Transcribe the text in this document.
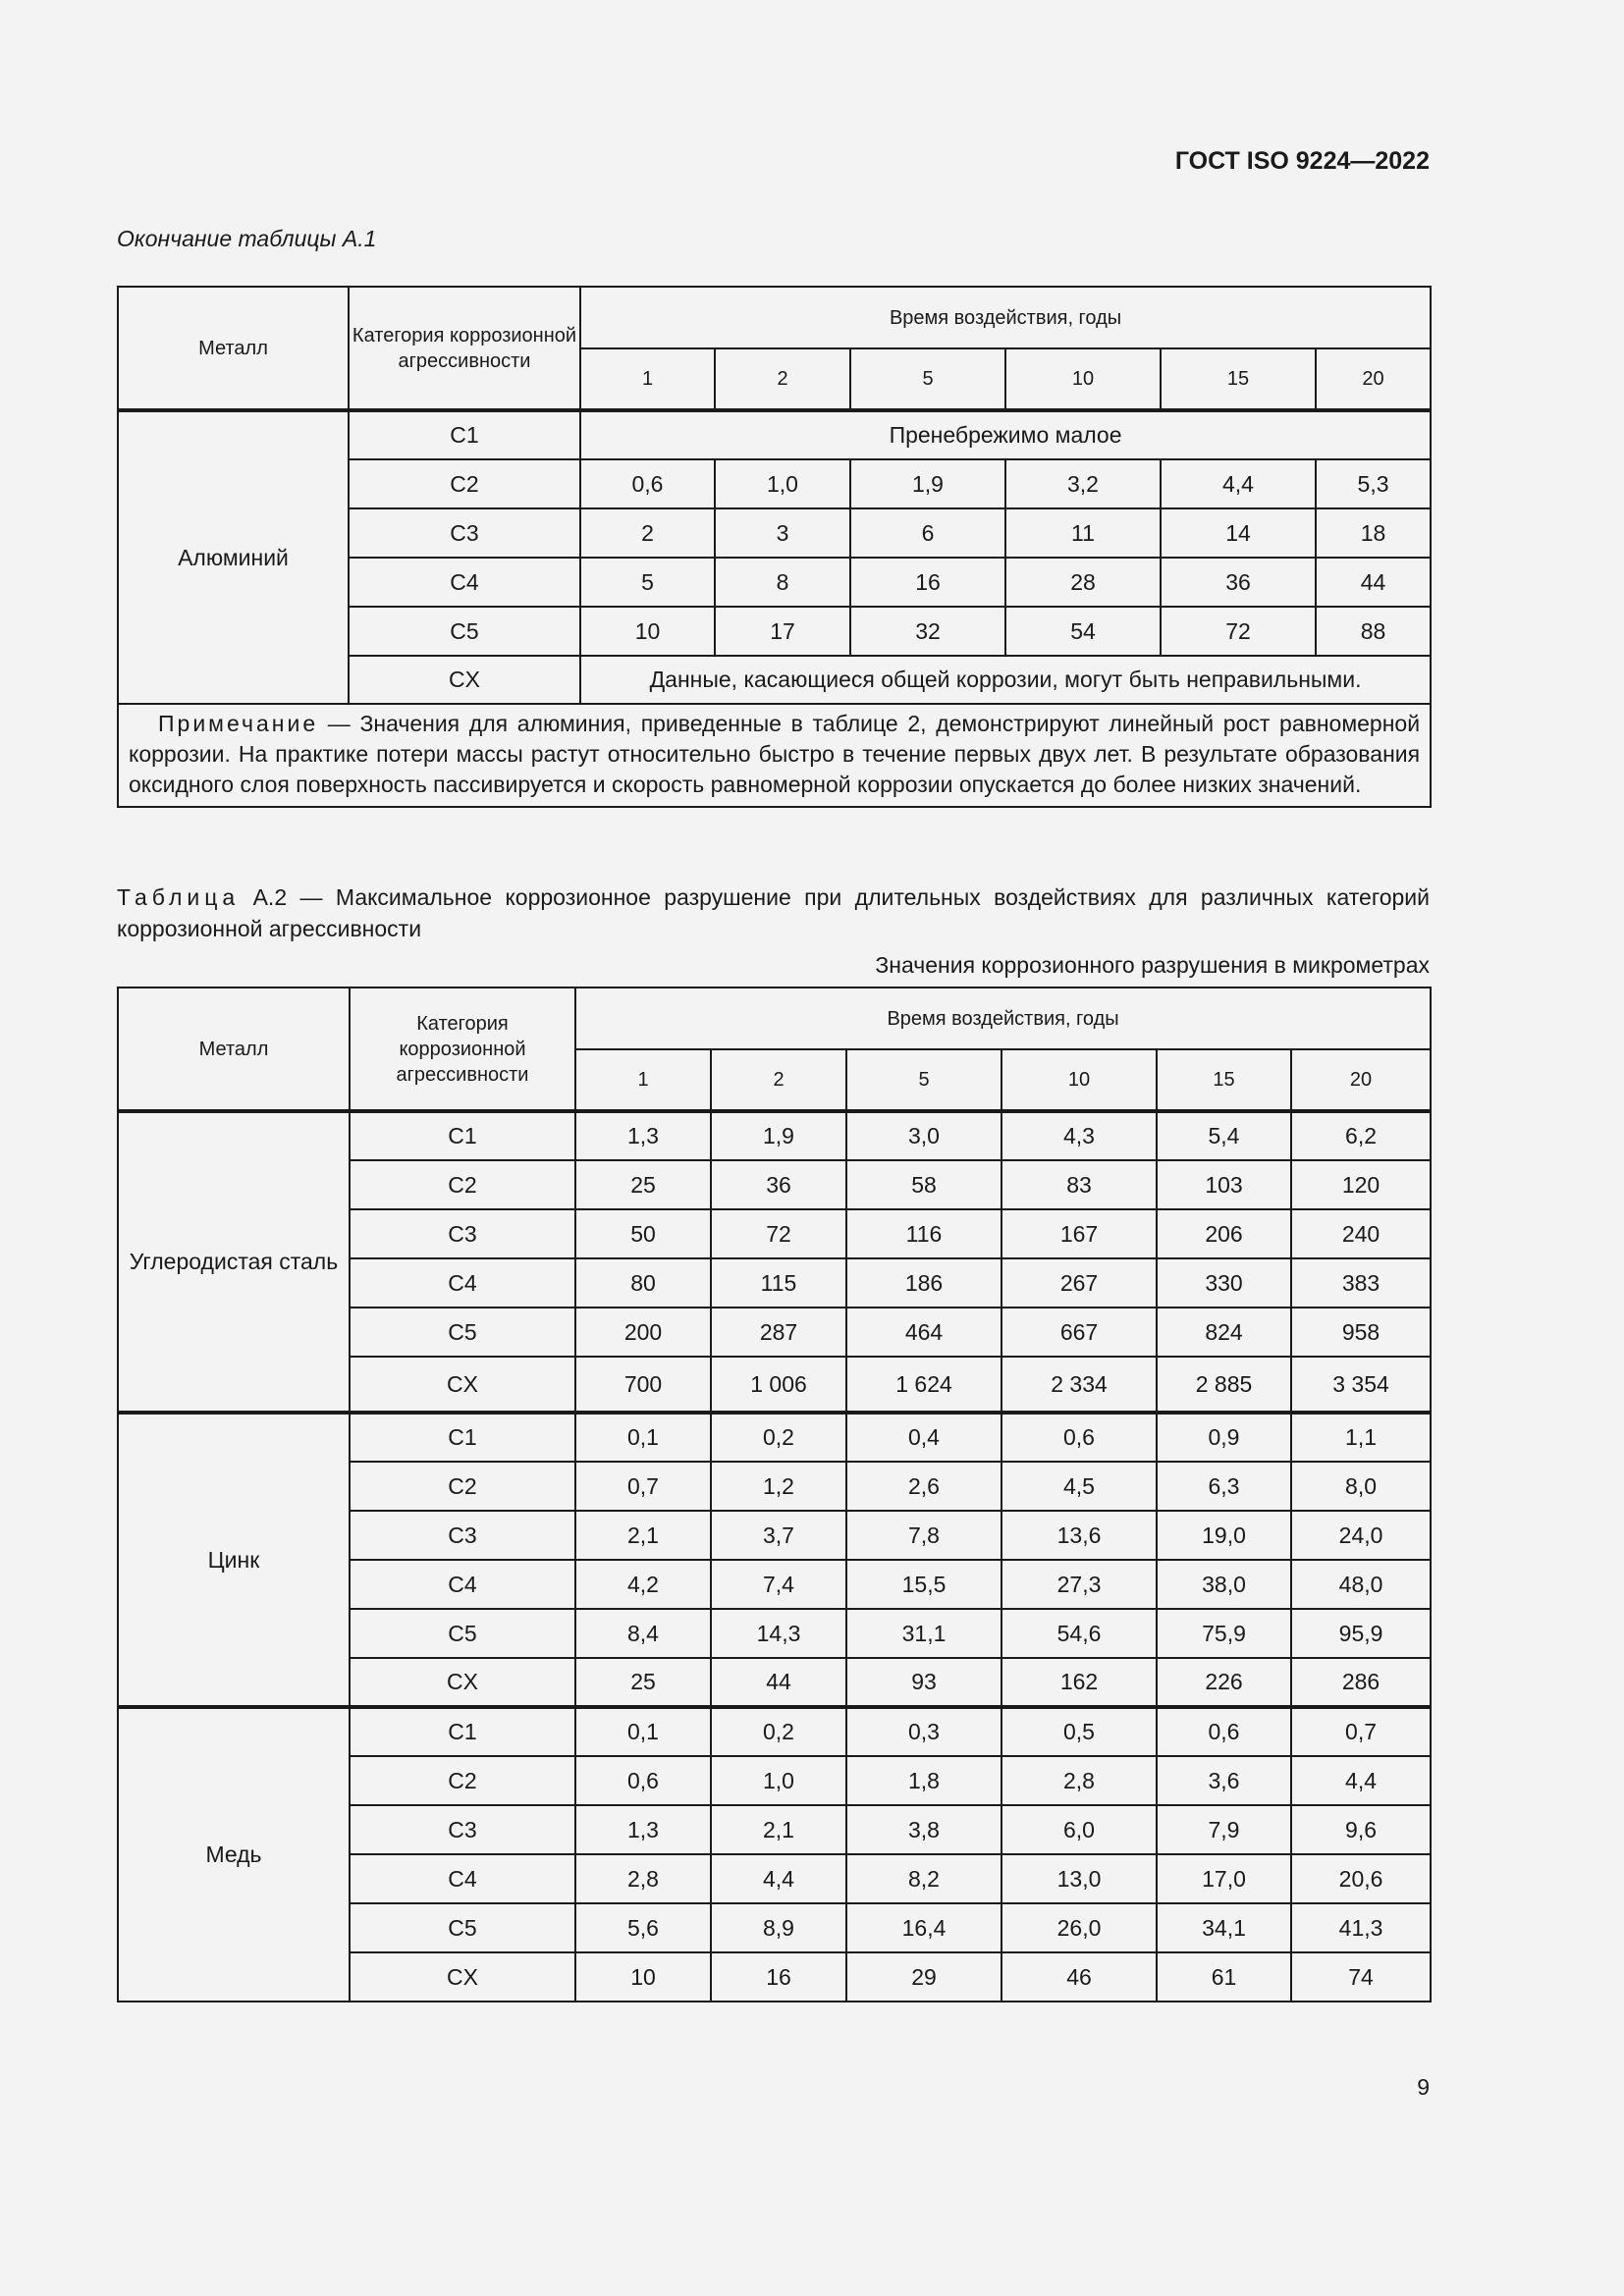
ГОСТ ISO 9224—2022
Окончание таблицы А.1
Металл	Категория коррозионной агрессивности	Время воздействия, годы					
		1	2	5	10	15	20
Алюминий	C1	Пренебрежимо малое					
	C2	0,6	1,0	1,9	3,2	4,4	5,3
	C3	2	3	6	11	14	18
	C4	5	8	16	28	36	44
	C5	10	17	32	54	72	88
	CX	Данные, касающиеся общей коррозии, могут быть неправильными.					
Примечание — Значения для алюминия, приведенные в таблице 2, демонстрируют линейный рост равномерной коррозии. На практике потери массы растут относительно быстро в течение первых двух лет. В результате образования оксидного слоя поверхность пассивируется и скорость равномерной коррозии опускается до более низких значений.							
Таблица А.2 — Максимальное коррозионное разрушение при длительных воздействиях для различных категорий коррозионной агрессивности
Значения коррозионного разрушения в микрометрах
Металл	Категория коррозионной агрессивности	Время воздействия, годы					
		1	2	5	10	15	20
Углеродистая сталь	C1	1,3	1,9	3,0	4,3	5,4	6,2
	C2	25	36	58	83	103	120
	C3	50	72	116	167	206	240
	C4	80	115	186	267	330	383
	C5	200	287	464	667	824	958
	CX	700	1 006	1 624	2 334	2 885	3 354
Цинк	C1	0,1	0,2	0,4	0,6	0,9	1,1
	C2	0,7	1,2	2,6	4,5	6,3	8,0
	C3	2,1	3,7	7,8	13,6	19,0	24,0
	C4	4,2	7,4	15,5	27,3	38,0	48,0
	C5	8,4	14,3	31,1	54,6	75,9	95,9
	CX	25	44	93	162	226	286
Медь	C1	0,1	0,2	0,3	0,5	0,6	0,7
	C2	0,6	1,0	1,8	2,8	3,6	4,4
	C3	1,3	2,1	3,8	6,0	7,9	9,6
	C4	2,8	4,4	8,2	13,0	17,0	20,6
	C5	5,6	8,9	16,4	26,0	34,1	41,3
	CX	10	16	29	46	61	74
9
